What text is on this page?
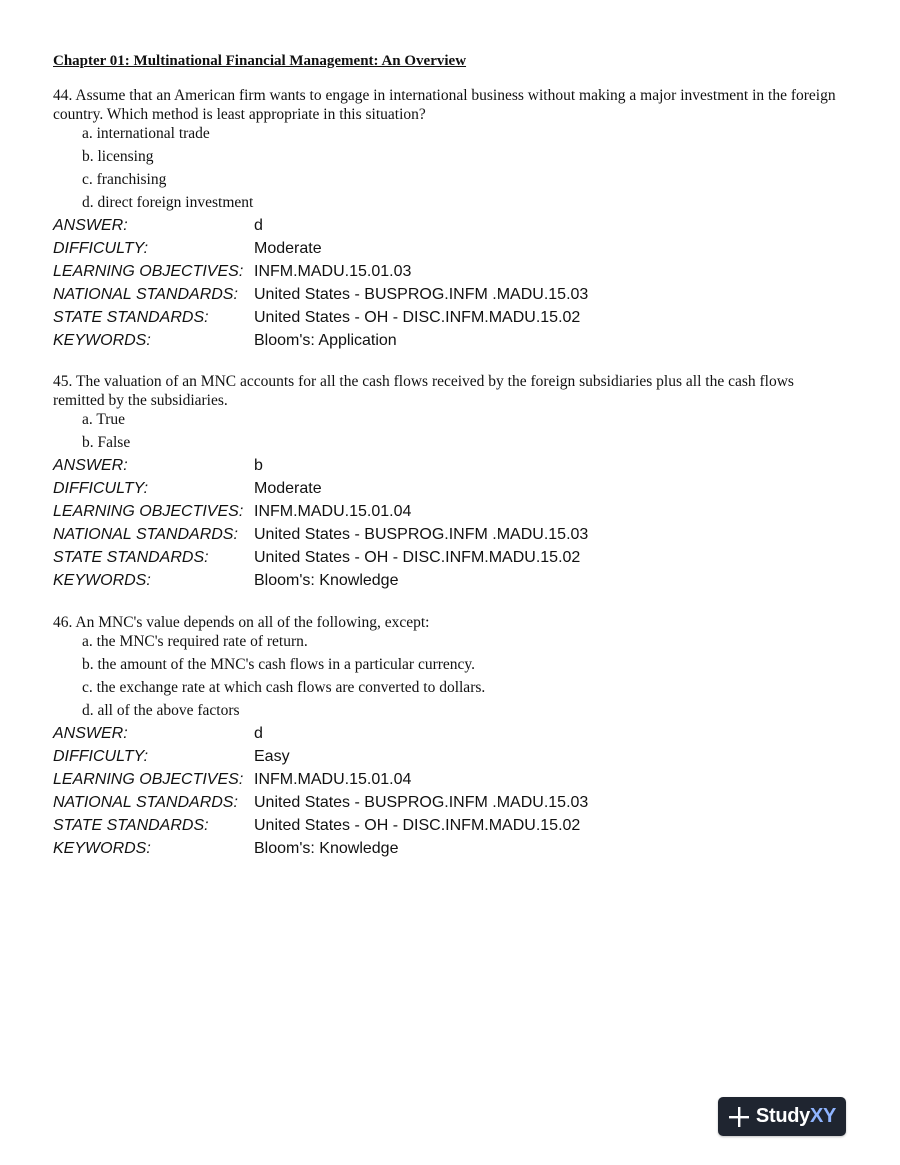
Chapter 01: Multinational Financial Management: An Overview
44. Assume that an American firm wants to engage in international business without making a major investment in the foreign country. Which method is least appropriate in this situation?
a. international trade
b. licensing
c. franchising
d. direct foreign investment
ANSWER:	d
DIFFICULTY:	Moderate
LEARNING OBJECTIVES:	INFM.MADU.15.01.03
NATIONAL STANDARDS:	United States - BUSPROG.INFM .MADU.15.03
STATE STANDARDS:	United States - OH - DISC.INFM.MADU.15.02
KEYWORDS:	Bloom's: Application
45. The valuation of an MNC accounts for all the cash flows received by the foreign subsidiaries plus all the cash flows remitted by the subsidiaries.
a. True
b. False
ANSWER:	b
DIFFICULTY:	Moderate
LEARNING OBJECTIVES:	INFM.MADU.15.01.04
NATIONAL STANDARDS:	United States - BUSPROG.INFM .MADU.15.03
STATE STANDARDS:	United States - OH - DISC.INFM.MADU.15.02
KEYWORDS:	Bloom's: Knowledge
46. An MNC's value depends on all of the following, except:
a. the MNC's required rate of return.
b. the amount of the MNC's cash flows in a particular currency.
c. the exchange rate at which cash flows are converted to dollars.
d. all of the above factors
ANSWER:	d
DIFFICULTY:	Easy
LEARNING OBJECTIVES:	INFM.MADU.15.01.04
NATIONAL STANDARDS:	United States - BUSPROG.INFM .MADU.15.03
STATE STANDARDS:	United States - OH - DISC.INFM.MADU.15.02
KEYWORDS:	Bloom's: Knowledge
StudyXY
